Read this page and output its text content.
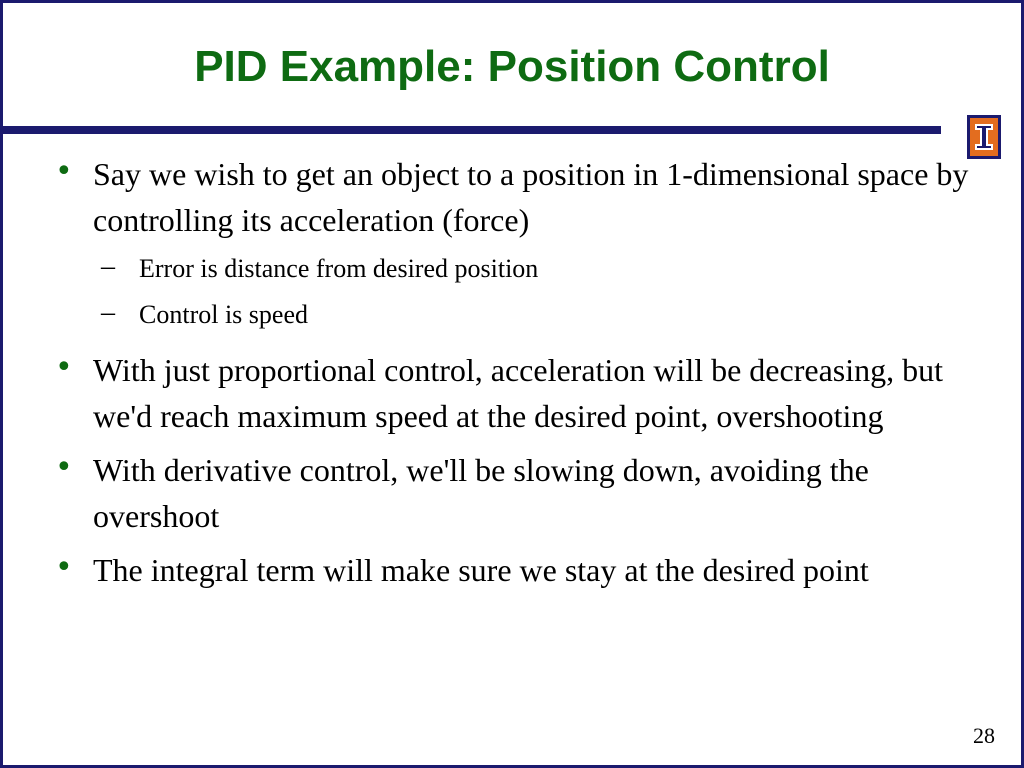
PID Example: Position Control
• Say we wish to get an object to a position in 1-dimensional space by controlling its acceleration (force)
– Error is distance from desired position
– Control is speed
• With just proportional control, acceleration will be decreasing, but we'd reach maximum speed at the desired point, overshooting
• With derivative control, we'll be slowing down, avoiding the overshoot
• The integral term will make sure we stay at the desired point
28
